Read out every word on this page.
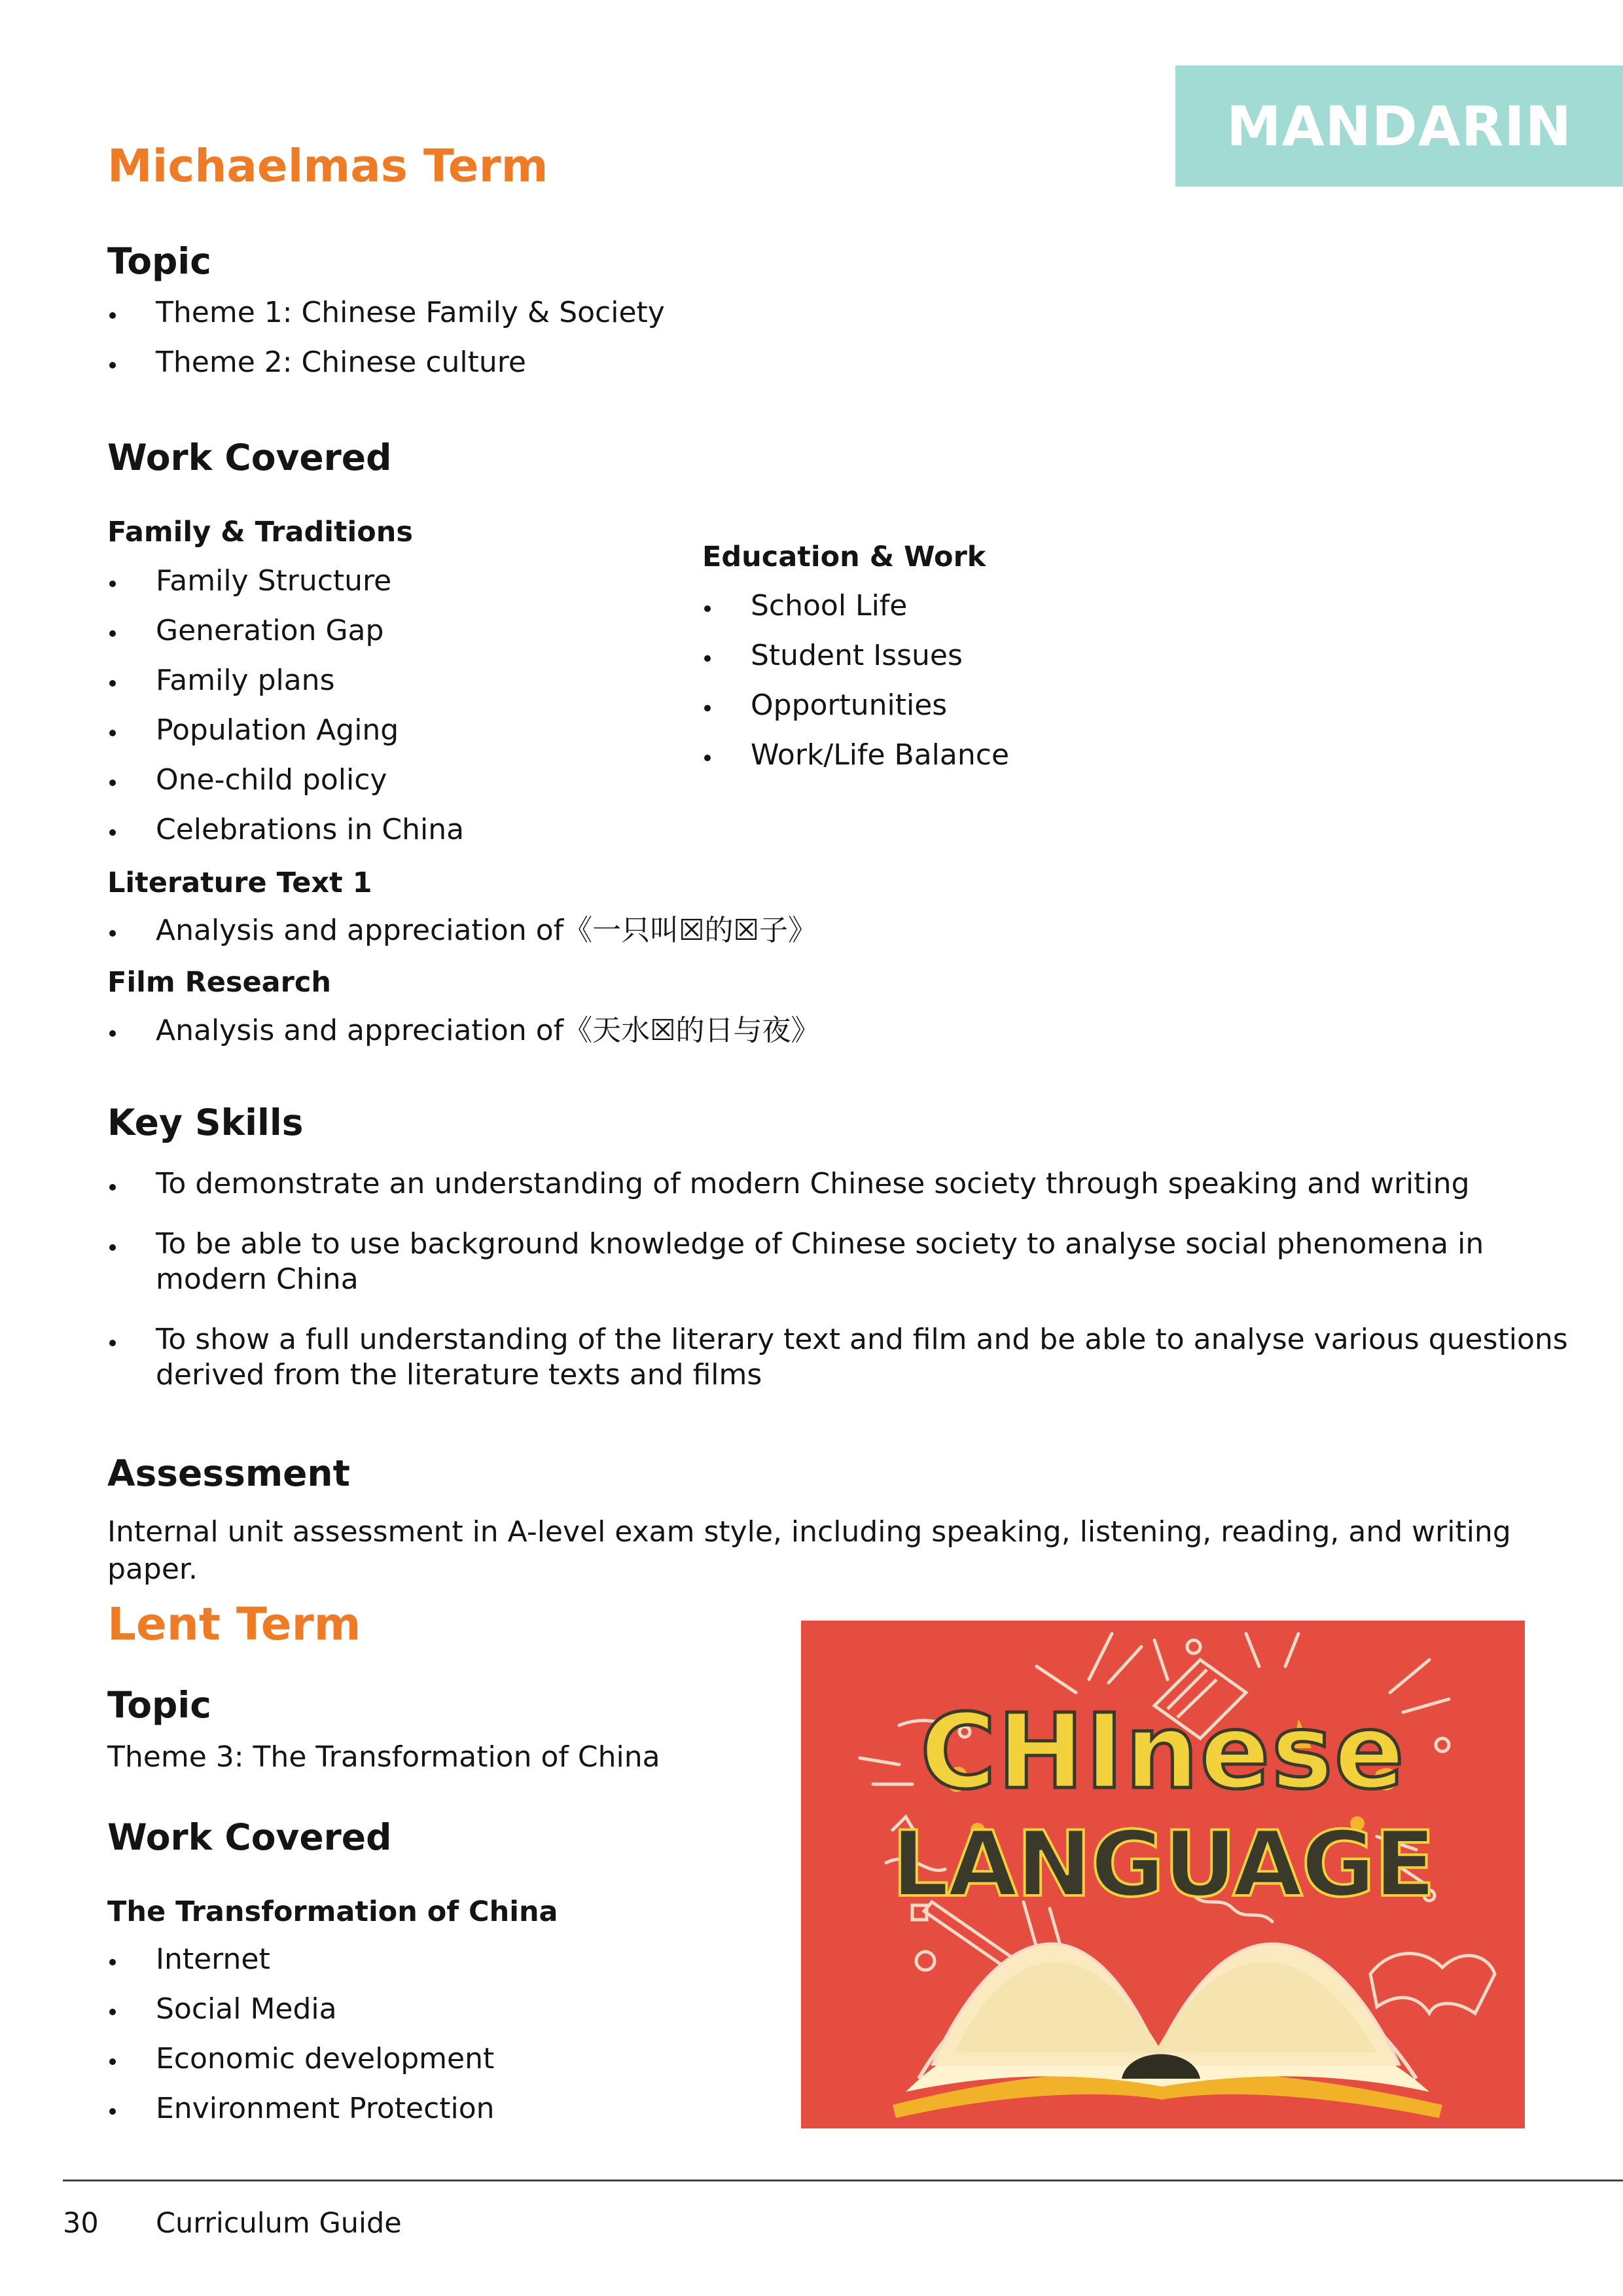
MANDARIN
Michaelmas Term
Topic
Theme 1: Chinese Family & Society
Theme 2: Chinese culture
Work Covered
Family & Traditions
Family Structure
Generation Gap
Family plans
Population Aging
One-child policy
Celebrations in China
Education & Work
School Life
Student Issues
Opportunities
Work/Life Balance
Literature Text 1
Analysis and appreciation of《一只叫☒的☒子》
Film Research
Analysis and appreciation of《天水☒的日与夜》
Key Skills
To demonstrate an understanding of modern Chinese society through speaking and writing
To be able to use background knowledge of Chinese society to analyse social phenomena in modern China
To show a full understanding of the literary text and film and be able to analyse various questions derived from the literature texts and films
Assessment

Internal unit assessment in A-level exam style, including speaking, listening, reading, and writing paper.

Lent Term
Topic

Theme 3: The Transformation of China

Work Covered
The Transformation of China
Internet
Social Media
Economic development
Environment Protection
CHInese
LANGUAGE
30 Curriculum Guide
